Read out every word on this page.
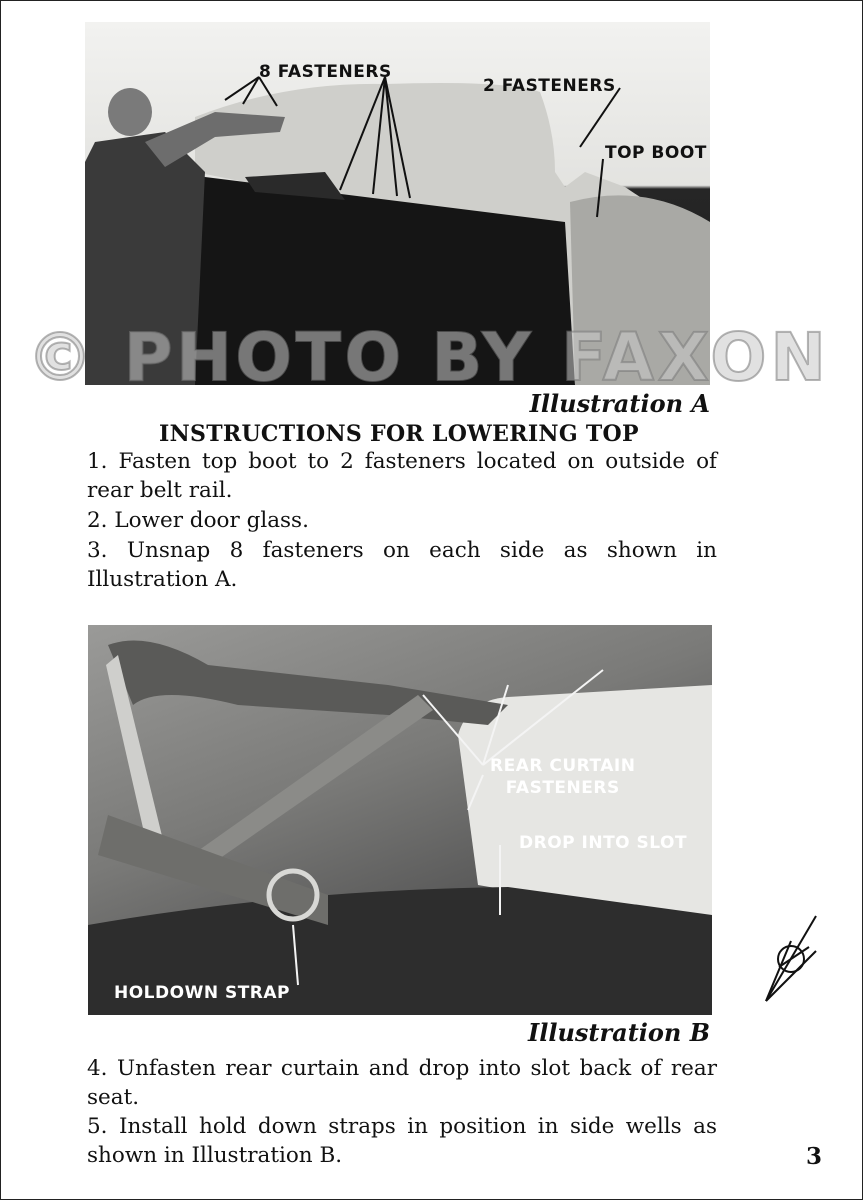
8 FASTENERS
2 FASTENERS
TOP BOOT
© PHOTO BY FAXON
Illustration A
INSTRUCTIONS FOR LOWERING TOP
1. Fasten top boot to 2 fasteners located on outside of rear belt rail.
2. Lower door glass.
3. Unsnap 8 fasteners on each side as shown in Illustration A.
REAR CURTAIN
FASTENERS
DROP INTO SLOT
HOLDOWN STRAP
Illustration B
4. Unfasten rear curtain and drop into slot back of rear seat.
5. Install hold down straps in position in side wells as shown in Illustration B.	3
